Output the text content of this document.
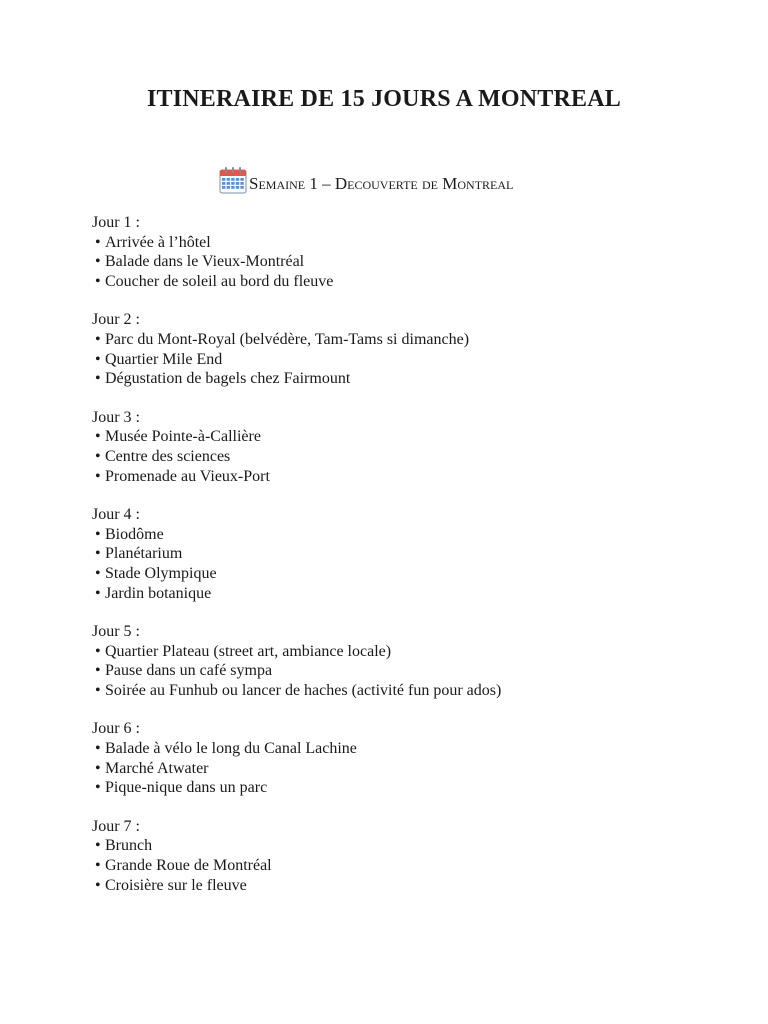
ITINERAIRE DE 15 JOURS A MONTREAL
Semaine 1 – Decouverte de Montreal

Jour 1 :

• Arrivée à l’hôtel
• Balade dans le Vieux-Montréal
• Coucher de soleil au bord du fleuve

Jour 2 :

• Parc du Mont-Royal (belvédère, Tam-Tams si dimanche)
• Quartier Mile End
• Dégustation de bagels chez Fairmount

Jour 3 :

• Musée Pointe-à-Callière
• Centre des sciences
• Promenade au Vieux-Port

Jour 4 :

• Biodôme
• Planétarium
• Stade Olympique
• Jardin botanique

Jour 5 :

• Quartier Plateau (street art, ambiance locale)
• Pause dans un café sympa
• Soirée au Funhub ou lancer de haches (activité fun pour ados)

Jour 6 :

• Balade à vélo le long du Canal Lachine
• Marché Atwater
• Pique-nique dans un parc

Jour 7 :

• Brunch
• Grande Roue de Montréal
• Croisière sur le fleuve
